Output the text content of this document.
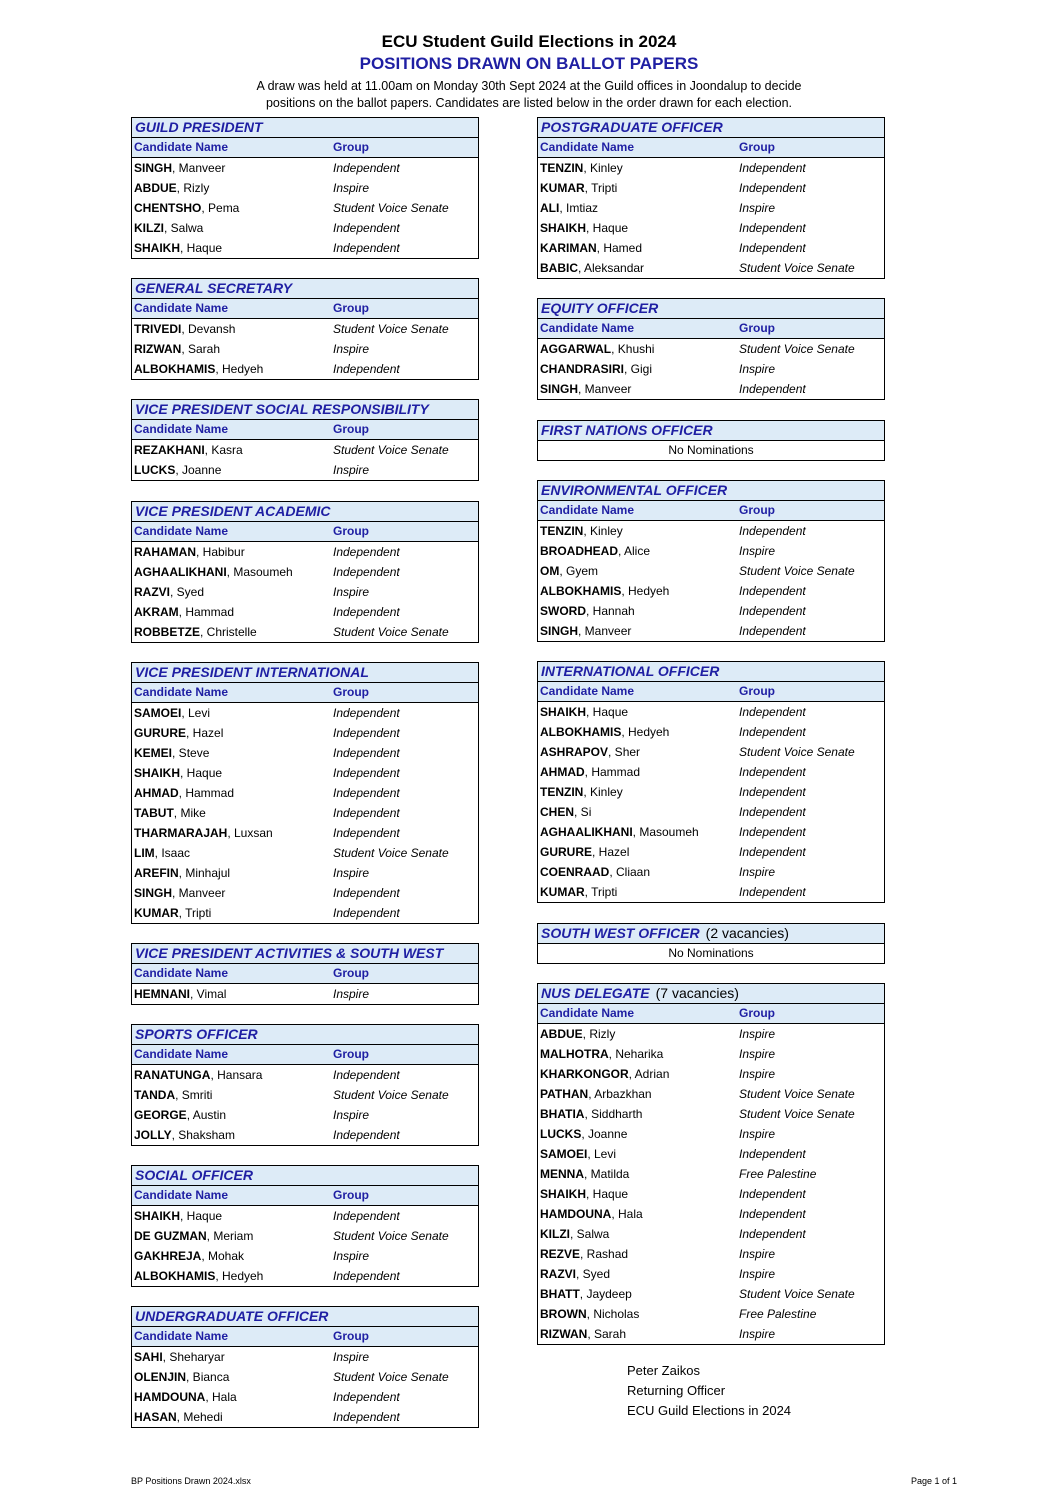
ECU Student Guild Elections in 2024
POSITIONS DRAWN ON BALLOT PAPERS
A draw was held at 11.00am on Monday 30th Sept 2024 at the Guild offices in Joondalup to decide
positions on the ballot papers. Candidates are listed below in the order drawn for each election.
GUILD PRESIDENT
Candidate Name	Group
SINGH, Manveer	Independent
ABDUE, Rizly	Inspire
CHENTSHO, Pema	Student Voice Senate
KILZI, Salwa	Independent
SHAIKH, Haque	Independent
GENERAL SECRETARY
Candidate Name	Group
TRIVEDI, Devansh	Student Voice Senate
RIZWAN, Sarah	Inspire
ALBOKHAMIS, Hedyeh	Independent
VICE PRESIDENT SOCIAL RESPONSIBILITY
Candidate Name	Group
REZAKHANI, Kasra	Student Voice Senate
LUCKS, Joanne	Inspire
VICE PRESIDENT ACADEMIC
Candidate Name	Group
RAHAMAN, Habibur	Independent
AGHAALIKHANI, Masoumeh	Independent
RAZVI, Syed	Inspire
AKRAM, Hammad	Independent
ROBBETZE, Christelle	Student Voice Senate
VICE PRESIDENT INTERNATIONAL
Candidate Name	Group
SAMOEI, Levi	Independent
GURURE, Hazel	Independent
KEMEI, Steve	Independent
SHAIKH, Haque	Independent
AHMAD, Hammad	Independent
TABUT, Mike	Independent
THARMARAJAH, Luxsan	Independent
LIM, Isaac	Student Voice Senate
AREFIN, Minhajul	Inspire
SINGH, Manveer	Independent
KUMAR, Tripti	Independent
VICE PRESIDENT ACTIVITIES & SOUTH WEST
Candidate Name	Group
HEMNANI, Vimal	Inspire
SPORTS OFFICER
Candidate Name	Group
RANATUNGA, Hansara	Independent
TANDA, Smriti	Student Voice Senate
GEORGE, Austin	Inspire
JOLLY, Shaksham	Independent
SOCIAL OFFICER
Candidate Name	Group
SHAIKH, Haque	Independent
DE GUZMAN, Meriam	Student Voice Senate
GAKHREJA, Mohak	Inspire
ALBOKHAMIS, Hedyeh	Independent
UNDERGRADUATE OFFICER
Candidate Name	Group
SAHI, Sheharyar	Inspire
OLENJIN, Bianca	Student Voice Senate
HAMDOUNA, Hala	Independent
HASAN, Mehedi	Independent
POSTGRADUATE OFFICER
Candidate Name	Group
TENZIN, Kinley	Independent
KUMAR, Tripti	Independent
ALI, Imtiaz	Inspire
SHAIKH, Haque	Independent
KARIMAN, Hamed	Independent
BABIC, Aleksandar	Student Voice Senate
EQUITY OFFICER
Candidate Name	Group
AGGARWAL, Khushi	Student Voice Senate
CHANDRASIRI, Gigi	Inspire
SINGH, Manveer	Independent
FIRST NATIONS OFFICER
No Nominations
ENVIRONMENTAL OFFICER
Candidate Name	Group
TENZIN, Kinley	Independent
BROADHEAD, Alice	Inspire
OM, Gyem	Student Voice Senate
ALBOKHAMIS, Hedyeh	Independent
SWORD, Hannah	Independent
SINGH, Manveer	Independent
INTERNATIONAL OFFICER
Candidate Name	Group
SHAIKH, Haque	Independent
ALBOKHAMIS, Hedyeh	Independent
ASHRAPOV, Sher	Student Voice Senate
AHMAD, Hammad	Independent
TENZIN, Kinley	Independent
CHEN, Si	Independent
AGHAALIKHANI, Masoumeh	Independent
GURURE, Hazel	Independent
COENRAAD, Cliaan	Inspire
KUMAR, Tripti	Independent
SOUTH WEST OFFICER (2 vacancies)
No Nominations
NUS DELEGATE (7 vacancies)
Candidate Name	Group
ABDUE, Rizly	Inspire
MALHOTRA, Neharika	Inspire
KHARKONGOR, Adrian	Inspire
PATHAN, Arbazkhan	Student Voice Senate
BHATIA, Siddharth	Student Voice Senate
LUCKS, Joanne	Inspire
SAMOEI, Levi	Independent
MENNA, Matilda	Free Palestine
SHAIKH, Haque	Independent
HAMDOUNA, Hala	Independent
KILZI, Salwa	Independent
REZVE, Rashad	Inspire
RAZVI, Syed	Inspire
BHATT, Jaydeep	Student Voice Senate
BROWN, Nicholas	Free Palestine
RIZWAN, Sarah	Inspire
Peter Zaikos
Returning Officer
ECU Guild Elections in 2024
BP Positions Drawn 2024.xlsx	Page 1 of 1
